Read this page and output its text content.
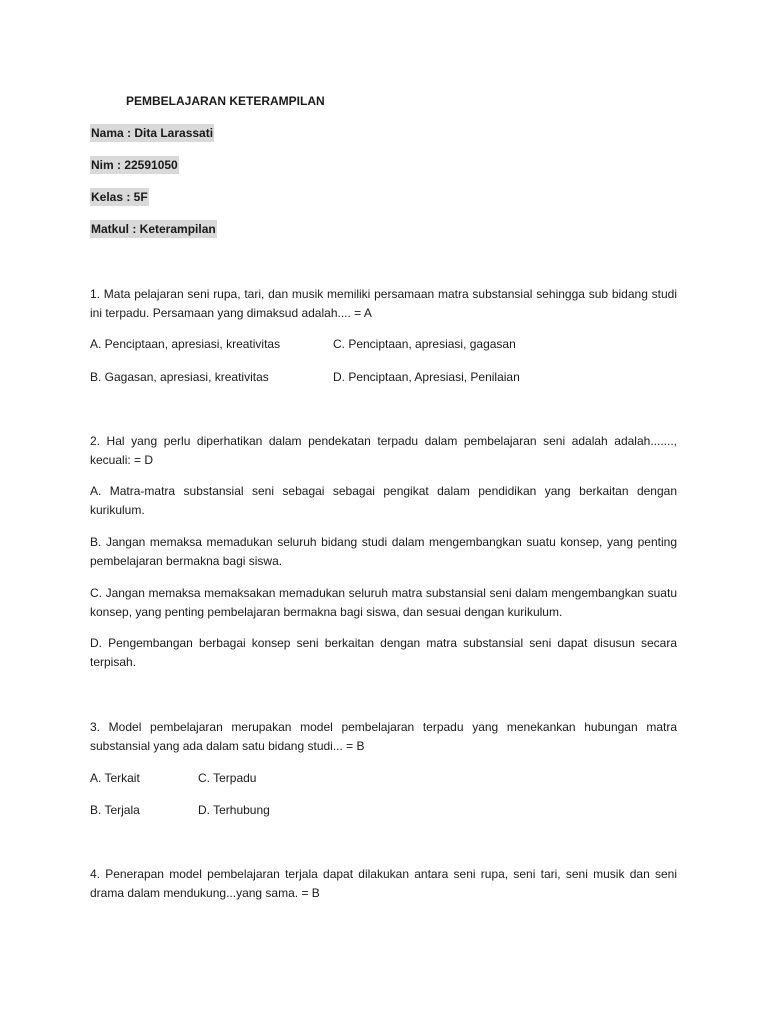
PEMBELAJARAN KETERAMPILAN
Nama : Dita Larassati
Nim : 22591050
Kelas : 5F
Matkul : Keterampilan
1. Mata pelajaran seni rupa, tari, dan musik memiliki persamaan matra substansial sehingga sub bidang studi ini terpadu. Persamaan yang dimaksud adalah.... = A
A. Penciptaan, apresiasi, kreativitas	C. Penciptaan, apresiasi, gagasan
B. Gagasan, apresiasi, kreativitas	D. Penciptaan, Apresiasi, Penilaian
2. Hal yang perlu diperhatikan dalam pendekatan terpadu dalam pembelajaran seni adalah adalah......., kecuali: = D
A. Matra-matra substansial seni sebagai sebagai pengikat dalam pendidikan yang berkaitan dengan kurikulum.
B. Jangan memaksa memadukan seluruh bidang studi dalam mengembangkan suatu konsep, yang penting pembelajaran bermakna bagi siswa.
C. Jangan memaksa memaksakan memadukan seluruh matra substansial seni dalam mengembangkan suatu konsep, yang penting pembelajaran bermakna bagi siswa, dan sesuai dengan kurikulum.
D. Pengembangan berbagai konsep seni berkaitan dengan matra substansial seni dapat disusun secara terpisah.
3. Model pembelajaran merupakan model pembelajaran terpadu yang menekankan hubungan matra substansial yang ada dalam satu bidang studi... = B
A. Terkait	C. Terpadu
B. Terjala	D. Terhubung
4. Penerapan model pembelajaran terjala dapat dilakukan antara seni rupa, seni tari, seni musik dan seni drama dalam mendukung...yang sama. = B
